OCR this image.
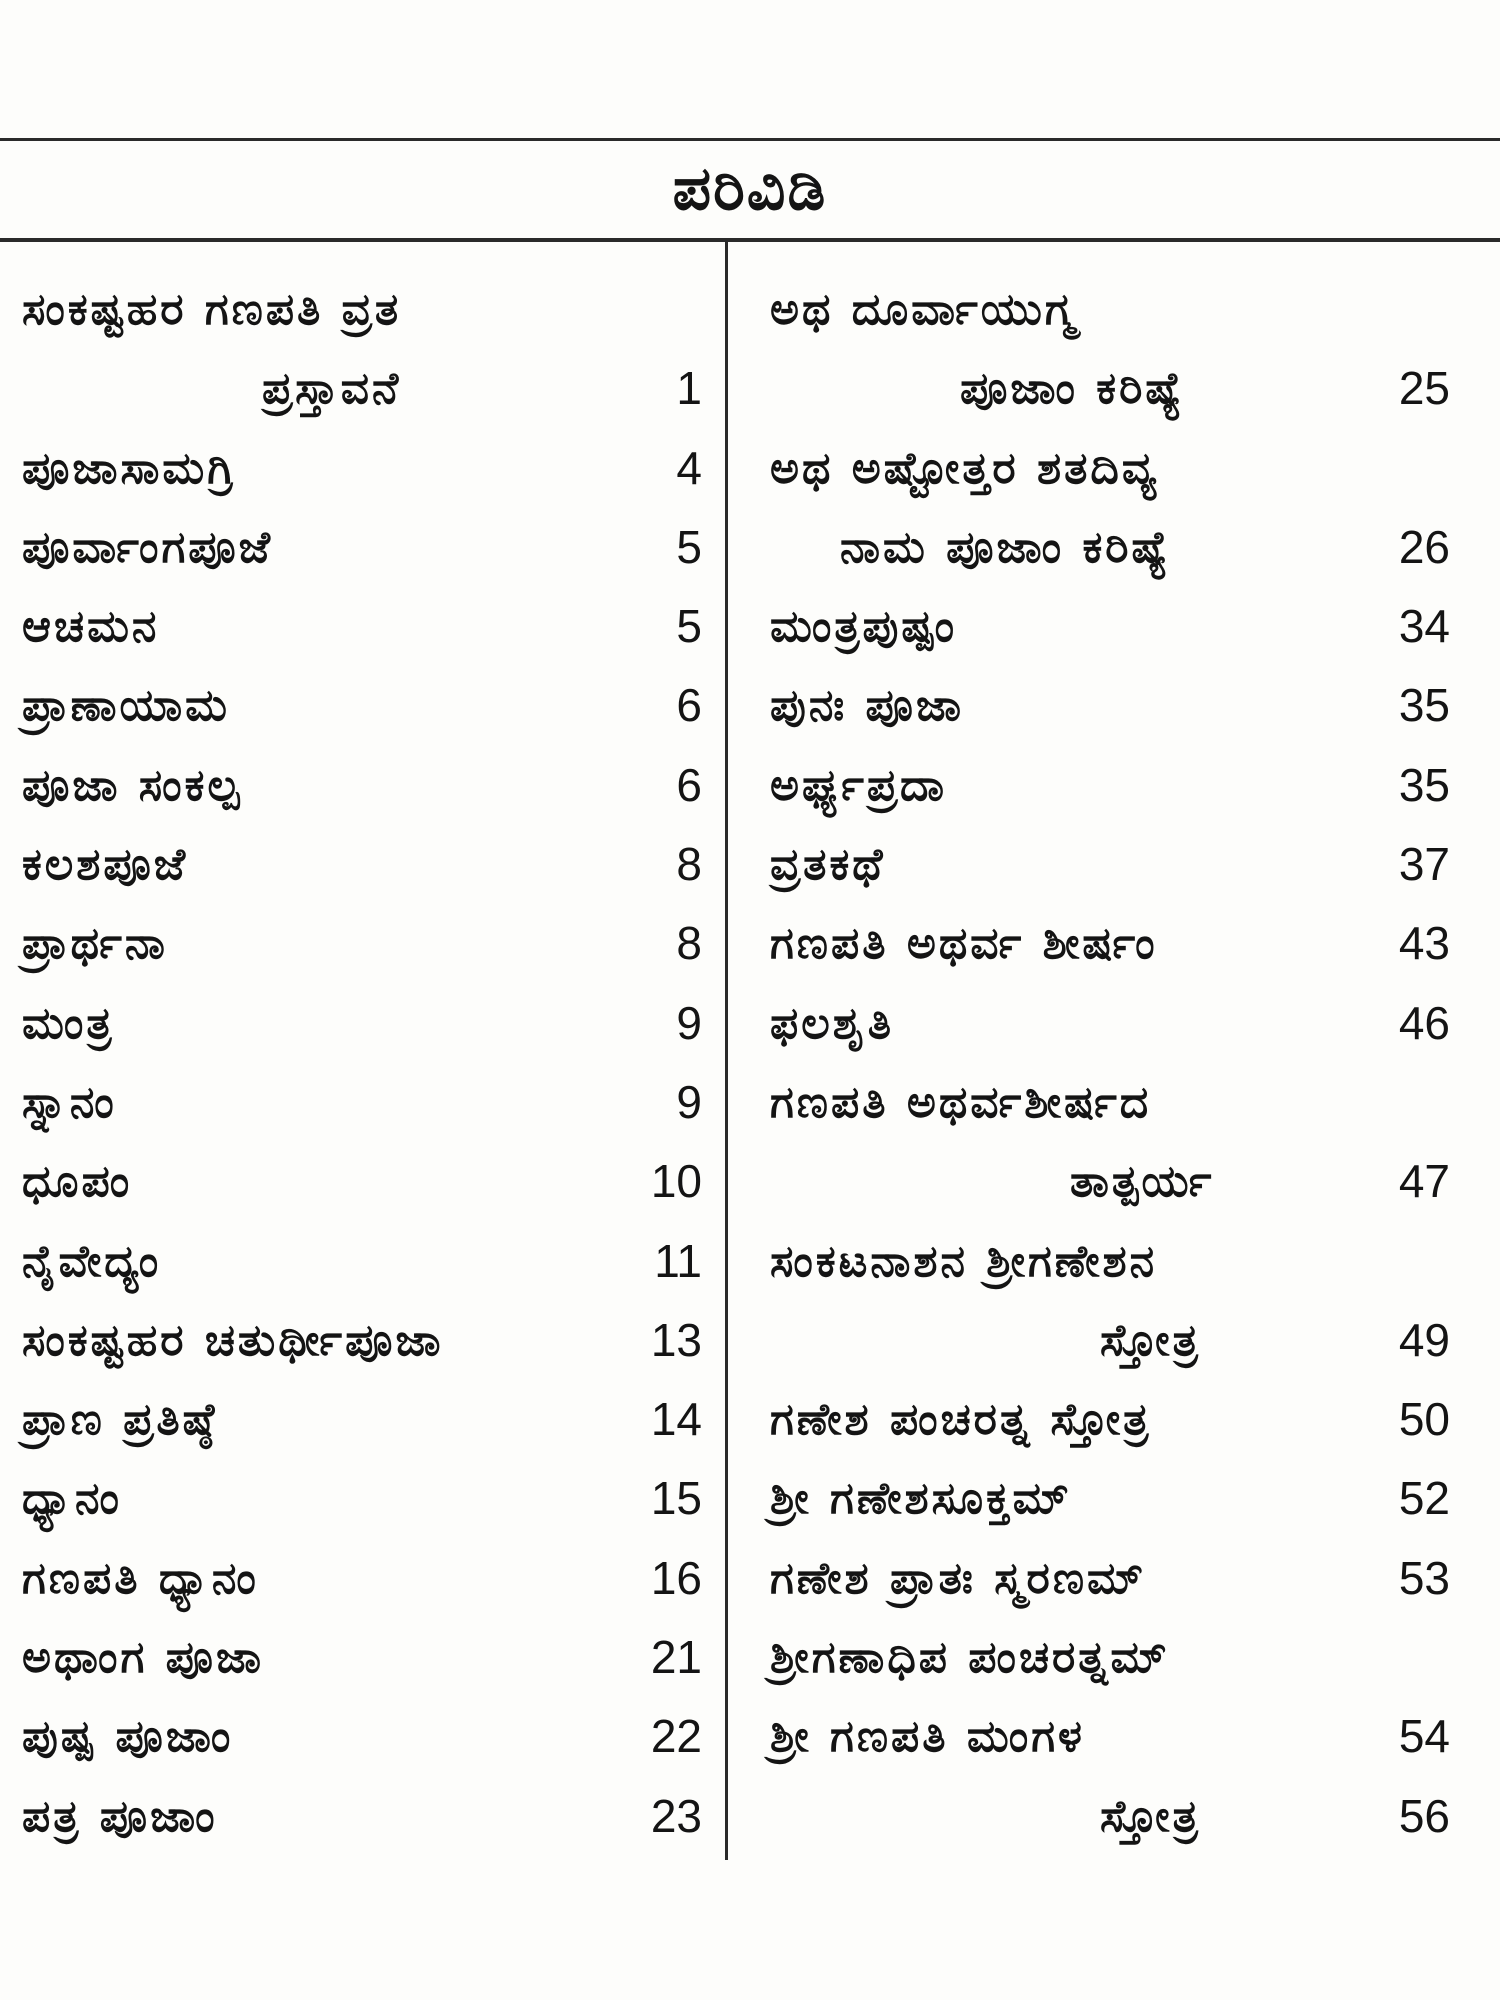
ಪರಿವಿಡಿ
ಸಂಕಷ್ಟಹರ ಗಣಪತಿ ವ್ರತ
ಪ್ರಸ್ತಾವನೆ	1
ಪೂಜಾಸಾಮಗ್ರಿ	4
ಪೂರ್ವಾಂಗಪೂಜೆ	5
ಆಚಮನ	5
ಪ್ರಾಣಾಯಾಮ	6
ಪೂಜಾ ಸಂಕಲ್ಪ	6
ಕಲಶಪೂಜೆ	8
ಪ್ರಾರ್ಥನಾ	8
ಮಂತ್ರ	9
ಸ್ನಾನಂ	9
ಧೂಪಂ	10
ನೈವೇದ್ಯಂ	11
ಸಂಕಷ್ಟಹರ ಚತುರ್ಥೀಪೂಜಾ	13
ಪ್ರಾಣ ಪ್ರತಿಷ್ಠೆ	14
ಧ್ಯಾನಂ	15
ಗಣಪತಿ ಧ್ಯಾನಂ	16
ಅಥಾಂಗ ಪೂಜಾ	21
ಪುಷ್ಪ ಪೂಜಾಂ	22
ಪತ್ರ ಪೂಜಾಂ	23
ಅಥ ದೂರ್ವಾಯುಗ್ಮ
ಪೂಜಾಂ ಕರಿಷ್ಯೆ	25
ಅಥ ಅಷ್ಟೋತ್ತರ ಶತದಿವ್ಯ
ನಾಮ ಪೂಜಾಂ ಕರಿಷ್ಯೆ	26
ಮಂತ್ರಪುಷ್ಪಂ	34
ಪುನಃ ಪೂಜಾ	35
ಅರ್ಘ್ಯಪ್ರದಾ	35
ವ್ರತಕಥೆ	37
ಗಣಪತಿ ಅಥರ್ವ ಶೀರ್ಷಂ	43
ಫಲಶೃತಿ	46
ಗಣಪತಿ ಅಥರ್ವಶೀರ್ಷದ
ತಾತ್ಪರ್ಯ	47
ಸಂಕಟನಾಶನ ಶ್ರೀಗಣೇಶನ
ಸ್ತೋತ್ರ	49
ಗಣೇಶ ಪಂಚರತ್ನ ಸ್ತೋತ್ರ	50
ಶ್ರೀ ಗಣೇಶಸೂಕ್ತಮ್	52
ಗಣೇಶ ಪ್ರಾತಃ ಸ್ಮರಣಮ್	53
ಶ್ರೀಗಣಾಧಿಪ ಪಂಚರತ್ನಮ್
ಶ್ರೀ ಗಣಪತಿ ಮಂಗಳ	54
ಸ್ತೋತ್ರ	56
